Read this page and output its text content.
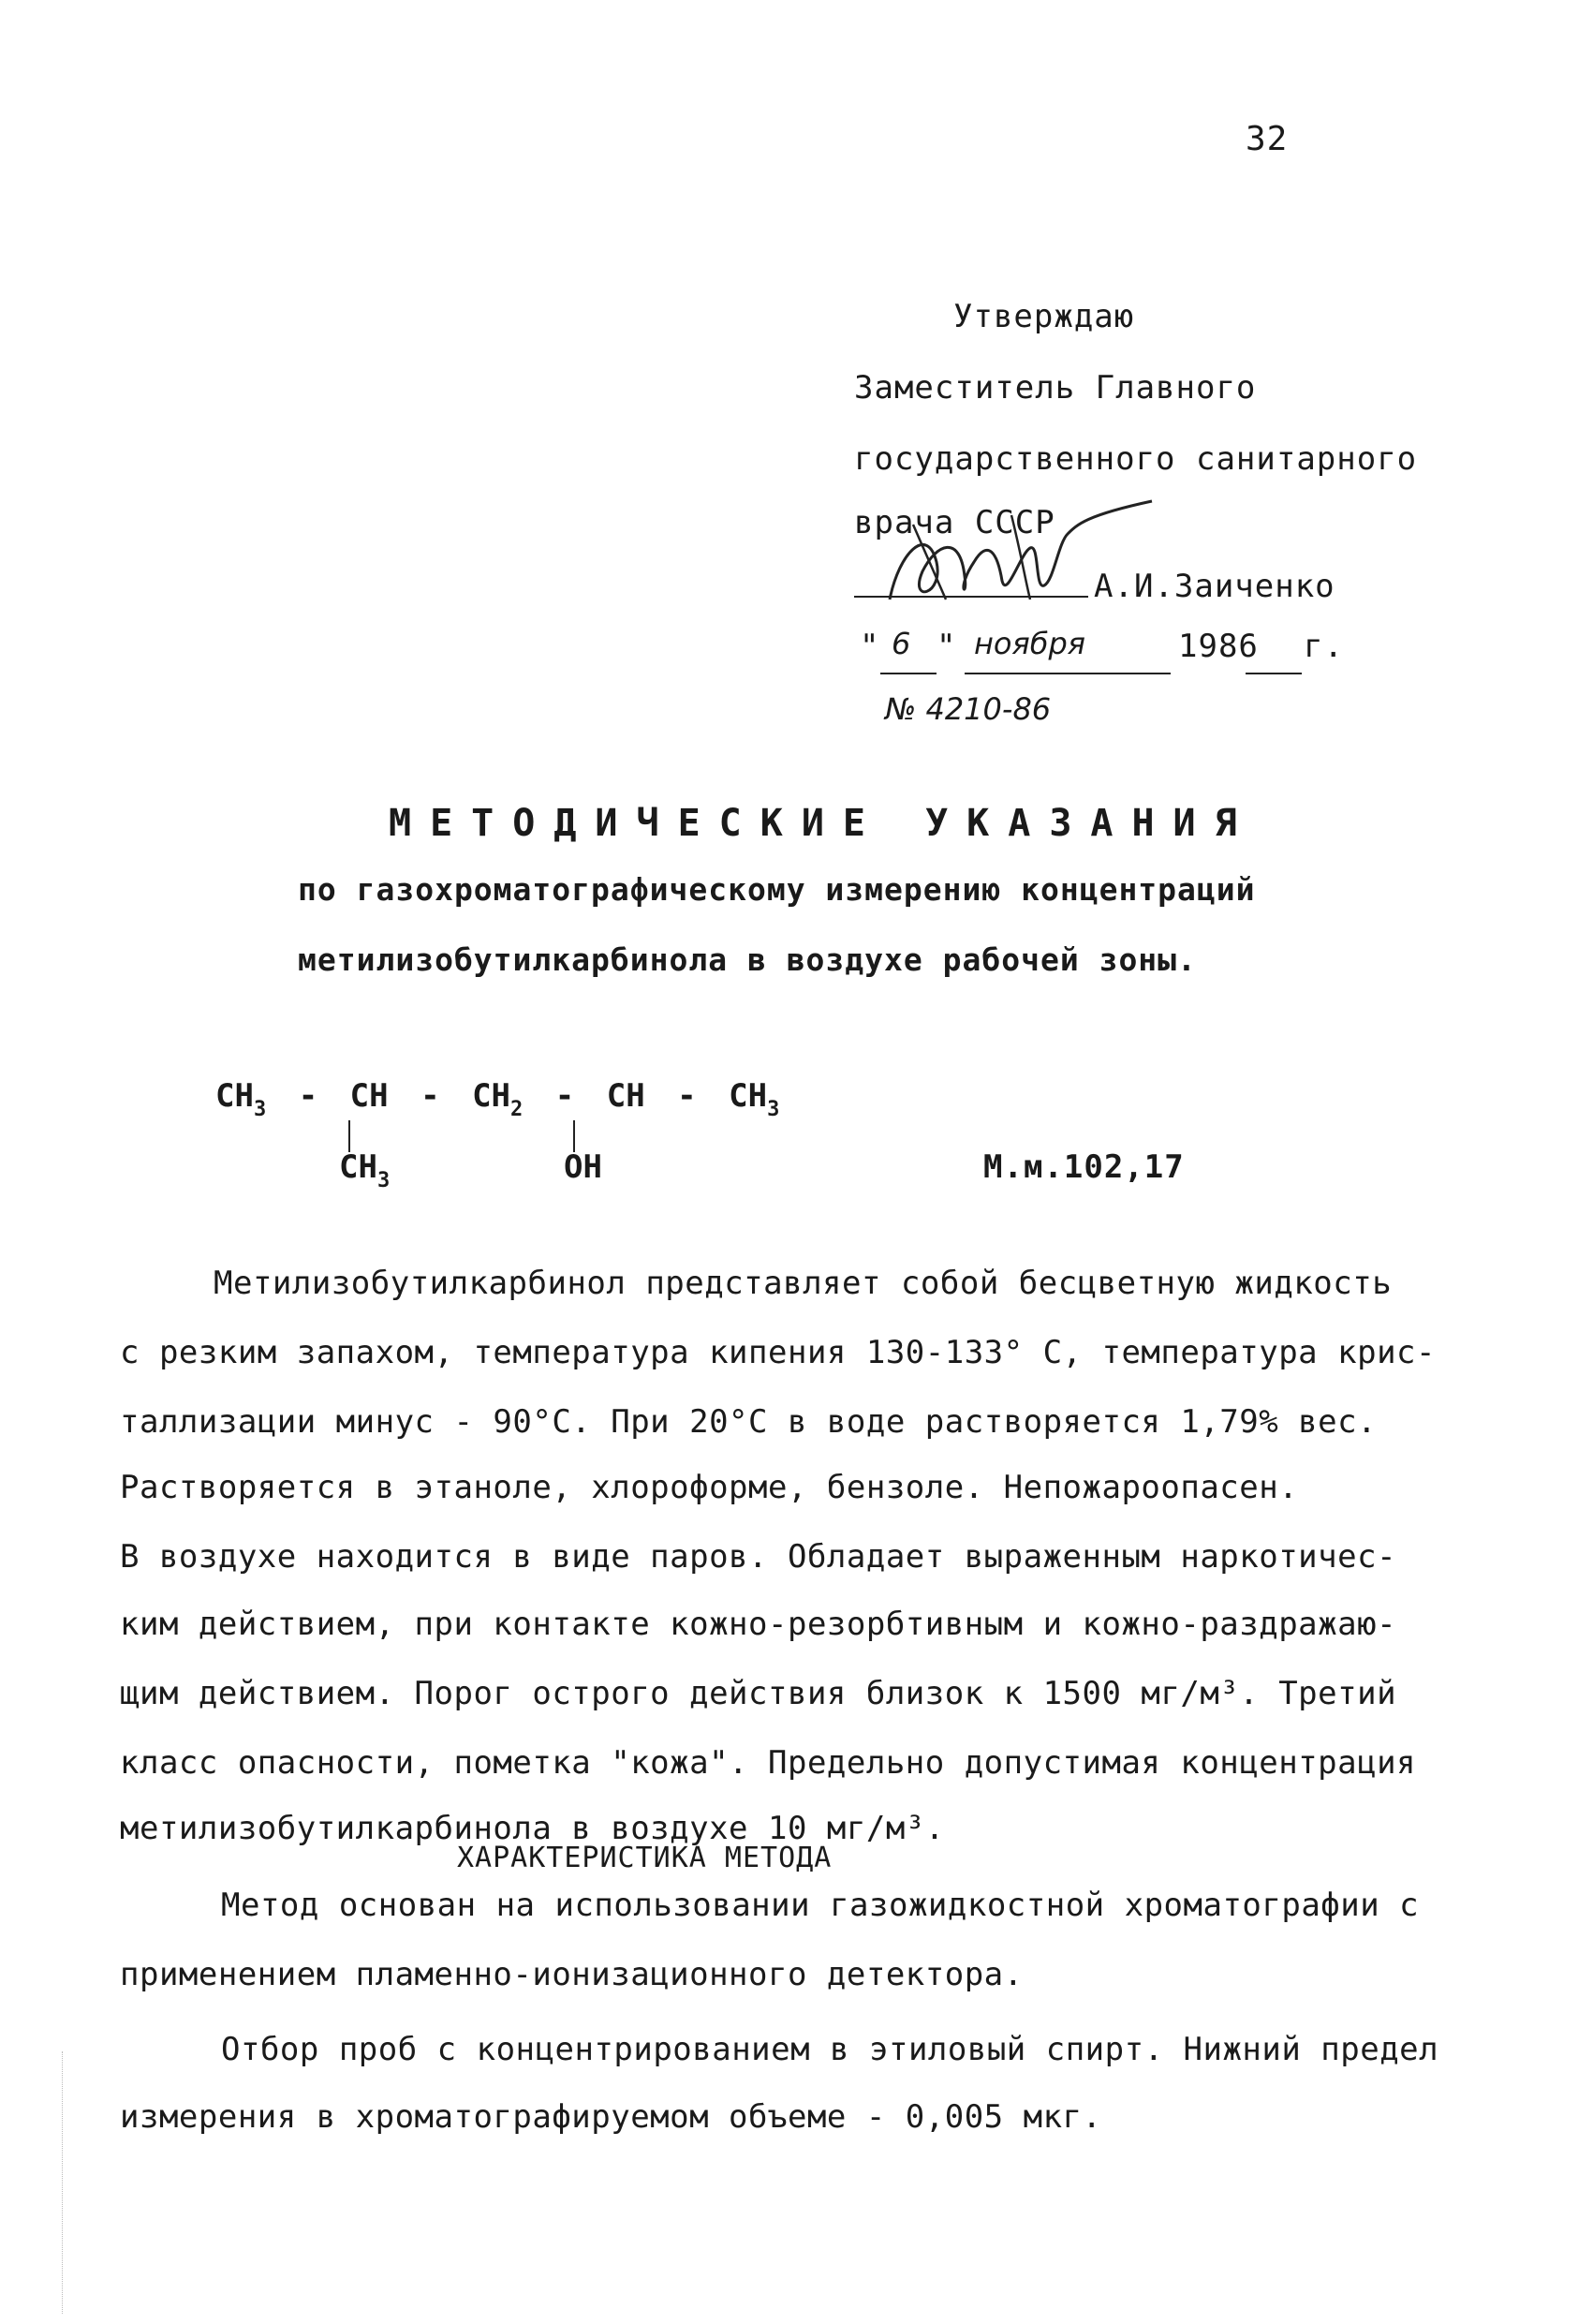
32
Утверждаю
Заместитель Главного
государственного санитарного
врача СССР
А.И.Заиченко
" 6 " ноября	1986 г.
№ 4210-86
МЕТОДИЧЕСКИЕ УКАЗАНИЯ
по газохроматографическому измерению концентраций
метилизобутилкарбинола в воздухе рабочей зоны.
$CH_3$ - CH - $CH_2$ - CH - $CH_3$
$CH_3$	OH	М.м.102,17

Метилизобутилкарбинол представляет собой бесцветную жидкость

с резким запахом, температура кипения 130-133° С, температура крис-

таллизации минус - 90°С. При 20°С в воде растворяется 1,79% вес.

Растворяется в этаноле, хлороформе, бензоле. Непожароопасен.

В воздухе находится в виде паров. Обладает выраженным наркотичес-

ким действием, при контакте кожно-резорбтивным и кожно-раздражаю-

щим действием. Порог острого действия близок к 1500 мг/м³. Третий

класс опасности, пометка "кожа". Предельно допустимая концентрация

метилизобутилкарбинола в воздухе 10 мг/м³.

ХАРАКТЕРИСТИКА МЕТОДА

Метод основан на использовании газожидкостной хроматографии с

применением пламенно-ионизационного детектора.

Отбор проб с концентрированием в этиловый спирт. Нижний предел

измерения в хроматографируемом объеме - 0,005 мкг.
